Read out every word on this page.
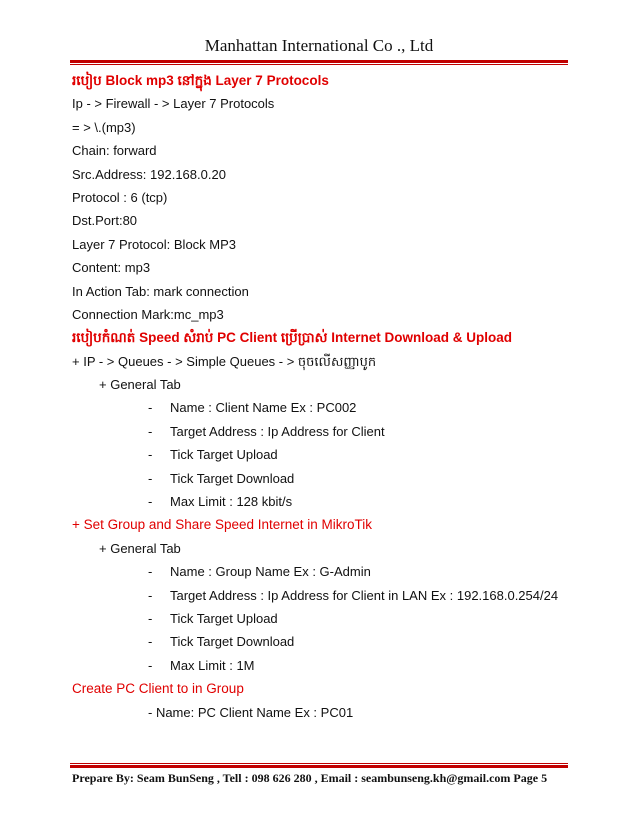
Manhattan International Co ., Ltd
របៀប Block mp3 នៅក្នុង Layer 7 Protocols
Ip - > Firewall - > Layer 7 Protocols
= > \.(mp3)
Chain: forward
Src.Address: 192.168.0.20
Protocol : 6 (tcp)
Dst.Port:80
Layer 7 Protocol: Block MP3
Content: mp3
In Action Tab: mark connection
Connection Mark:mc_mp3
របៀបកំណត់ Speed សំរាប់ PC Client ប្រើប្រាស់ Internet Download & Upload
+ IP - > Queues - > Simple Queues - > ចុចលើសញ្ញាបូក
+ General Tab
- Name : Client Name Ex : PC002
- Target Address : Ip Address for Client
- Tick Target Upload
- Tick Target Download
- Max Limit : 128 kbit/s
+ Set Group and Share Speed Internet in MikroTik
+ General Tab
- Name : Group Name Ex : G-Admin
- Target Address : Ip Address for Client in LAN Ex : 192.168.0.254/24
- Tick Target Upload
- Tick Target Download
- Max Limit : 1M
Create PC Client to in Group
- Name: PC Client Name Ex : PC01
Prepare By: Seam BunSeng , Tell : 098 626 280 , Email : seambunseng.kh@gmail.com Page 5
